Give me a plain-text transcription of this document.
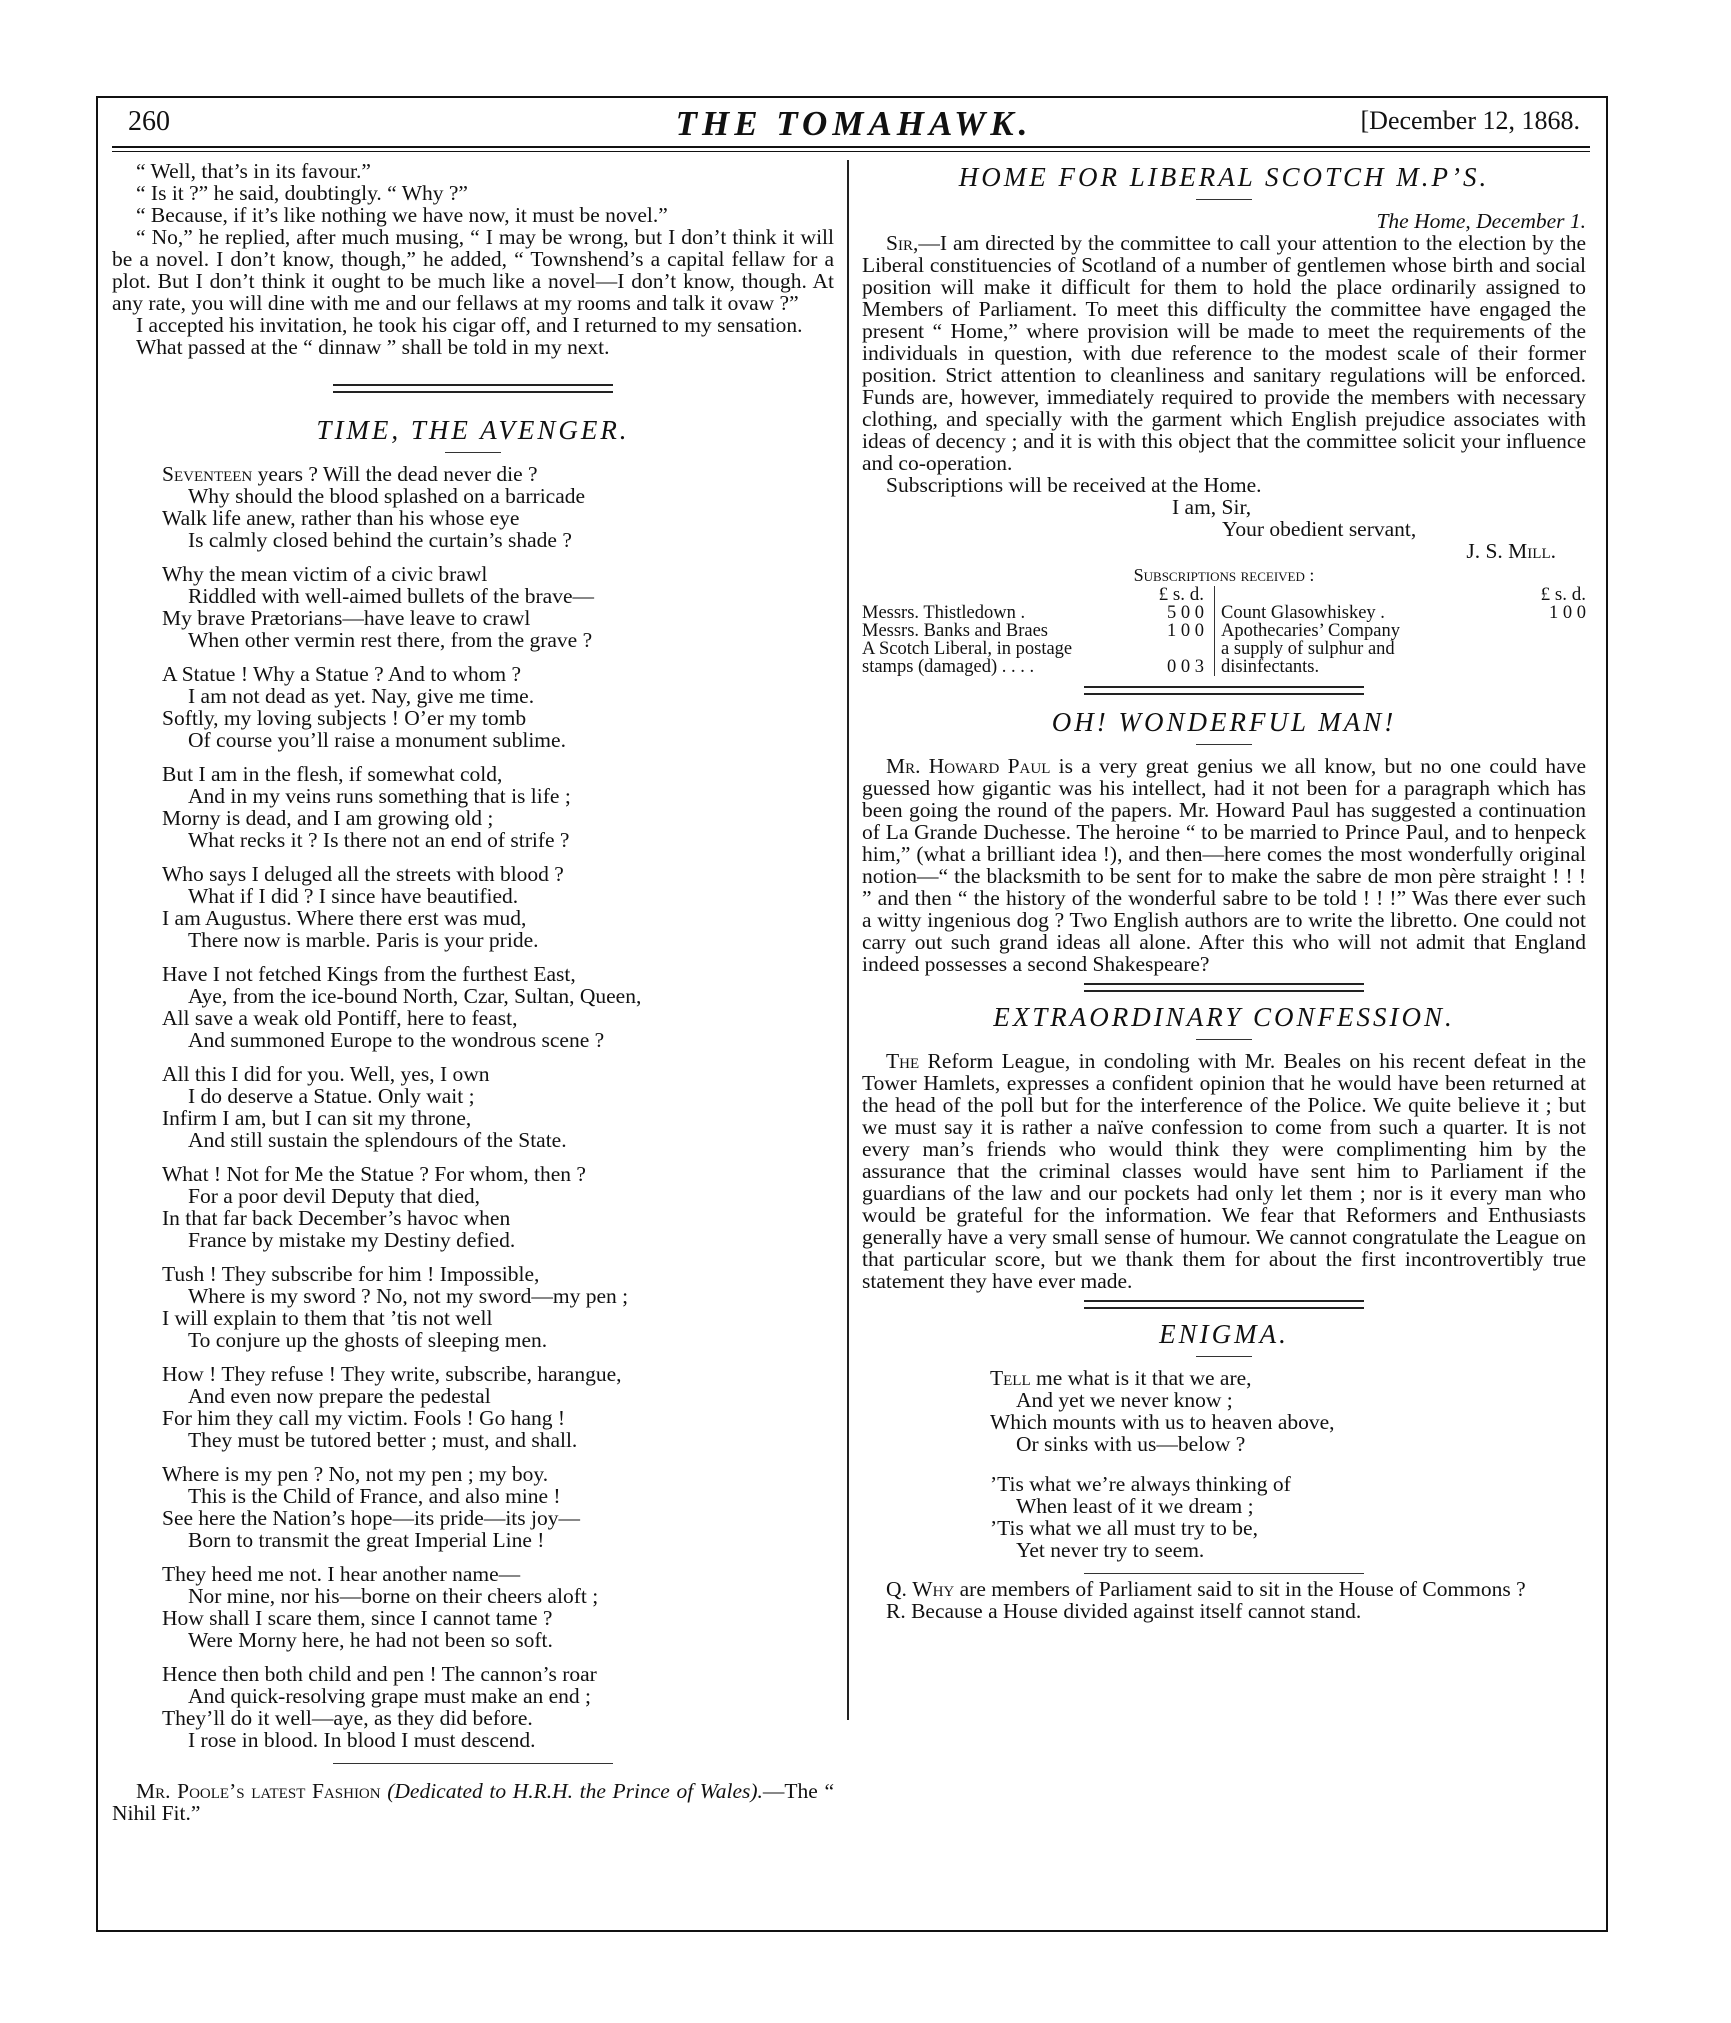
260	THE TOMAHAWK.	[December 12, 1868.

“ Well, that’s in its favour.”

“ Is it ?” he said, doubtingly. “ Why ?”

“ Because, if it’s like nothing we have now, it must be novel.”

“ No,” he replied, after much musing, “ I may be wrong, but I don’t think it will be a novel. I don’t know, though,” he added, “ Townshend’s a capital fellaw for a plot. But I don’t think it ought to be much like a novel—I don’t know, though. At any rate, you will dine with me and our fellaws at my rooms and talk it ovaw ?”

I accepted his invitation, he took his cigar off, and I returned to my sensation.

What passed at the “ dinnaw ” shall be told in my next.

TIME, THE AVENGER.
Seventeen years ? Will the dead never die ?
Why should the blood splashed on a barricade
Walk life anew, rather than his whose eye
Is calmly closed behind the curtain’s shade ?
Why the mean victim of a civic brawl
Riddled with well-aimed bullets of the brave—
My brave Prætorians—have leave to crawl
When other vermin rest there, from the grave ?
A Statue ! Why a Statue ? And to whom ?
I am not dead as yet. Nay, give me time.
Softly, my loving subjects ! O’er my tomb
Of course you’ll raise a monument sublime.
But I am in the flesh, if somewhat cold,
And in my veins runs something that is life ;
Morny is dead, and I am growing old ;
What recks it ? Is there not an end of strife ?
Who says I deluged all the streets with blood ?
What if I did ? I since have beautified.
I am Augustus. Where there erst was mud,
There now is marble. Paris is your pride.
Have I not fetched Kings from the furthest East,
Aye, from the ice-bound North, Czar, Sultan, Queen,
All save a weak old Pontiff, here to feast,
And summoned Europe to the wondrous scene ?
All this I did for you. Well, yes, I own
I do deserve a Statue. Only wait ;
Infirm I am, but I can sit my throne,
And still sustain the splendours of the State.
What ! Not for Me the Statue ? For whom, then ?
For a poor devil Deputy that died,
In that far back December’s havoc when
France by mistake my Destiny defied.
Tush ! They subscribe for him ! Impossible,
Where is my sword ? No, not my sword—my pen ;
I will explain to them that ’tis not well
To conjure up the ghosts of sleeping men.
How ! They refuse ! They write, subscribe, harangue,
And even now prepare the pedestal
For him they call my victim. Fools ! Go hang !
They must be tutored better ; must, and shall.
Where is my pen ? No, not my pen ; my boy.
This is the Child of France, and also mine !
See here the Nation’s hope—its pride—its joy—
Born to transmit the great Imperial Line !
They heed me not. I hear another name—
Nor mine, nor his—borne on their cheers aloft ;
How shall I scare them, since I cannot tame ?
Were Morny here, he had not been so soft.
Hence then both child and pen ! The cannon’s roar
And quick-resolving grape must make an end ;
They’ll do it well—aye, as they did before.
I rose in blood. In blood I must descend.

Mr. Poole’s latest Fashion (Dedicated to H.R.H. the Prince of Wales).—The “ Nihil Fit.”

HOME FOR LIBERAL SCOTCH M.P’S.

The Home, December 1.

Sir,—I am directed by the committee to call your attention to the election by the Liberal constituencies of Scotland of a number of gentlemen whose birth and social position will make it difficult for them to hold the place ordinarily assigned to Members of Parliament. To meet this difficulty the committee have engaged the present “ Home,” where provision will be made to meet the requirements of the individuals in question, with due reference to the modest scale of their former position. Strict attention to cleanliness and sanitary regulations will be enforced. Funds are, however, immediately required to provide the members with necessary clothing, and specially with the garment which English prejudice associates with ideas of decency ; and it is with this object that the committee solicit your influence and co-operation.

Subscriptions will be received at the Home.

I am, Sir,

Your obedient servant,

J. S. Mill.

Subscriptions received :

	£ s. d.		£ s. d.
Messrs. Thistledown .	5 0 0	Count Glasowhiskey .	1 0 0
Messrs. Banks and Braes	1 0 0	Apothecaries’ Company a supply of sulphur and disinfectants.	
A Scotch Liberal, in postage stamps (damaged) . . . .	0 0 3		
OH! WONDERFUL MAN!

Mr. Howard Paul is a very great genius we all know, but no one could have guessed how gigantic was his intellect, had it not been for a paragraph which has been going the round of the papers. Mr. Howard Paul has suggested a continuation of La Grande Duchesse. The heroine “ to be married to Prince Paul, and to henpeck him,” (what a brilliant idea !), and then—here comes the most wonderfully original notion—“ the blacksmith to be sent for to make the sabre de mon père straight ! ! ! ” and then “ the history of the wonderful sabre to be told ! ! !” Was there ever such a witty ingenious dog ? Two English authors are to write the libretto. One could not carry out such grand ideas all alone. After this who will not admit that England indeed possesses a second Shakespeare?

EXTRAORDINARY CONFESSION.

The Reform League, in condoling with Mr. Beales on his recent defeat in the Tower Hamlets, expresses a confident opinion that he would have been returned at the head of the poll but for the interference of the Police. We quite believe it ; but we must say it is rather a naïve confession to come from such a quarter. It is not every man’s friends who would think they were complimenting him by the assurance that the criminal classes would have sent him to Parliament if the guardians of the law and our pockets had only let them ; nor is it every man who would be grateful for the information. We fear that Reformers and Enthusiasts generally have a very small sense of humour. We cannot congratulate the League on that particular score, but we thank them for about the first incontrovertibly true statement they have ever made.

ENIGMA.
Tell me what is it that we are,
And yet we never know ;
Which mounts with us to heaven above,
Or sinks with us—below ?
’Tis what we’re always thinking of
When least of it we dream ;
’Tis what we all must try to be,
Yet never try to seem.

Q. Why are members of Parliament said to sit in the House of Commons ?

R. Because a House divided against itself cannot stand.
